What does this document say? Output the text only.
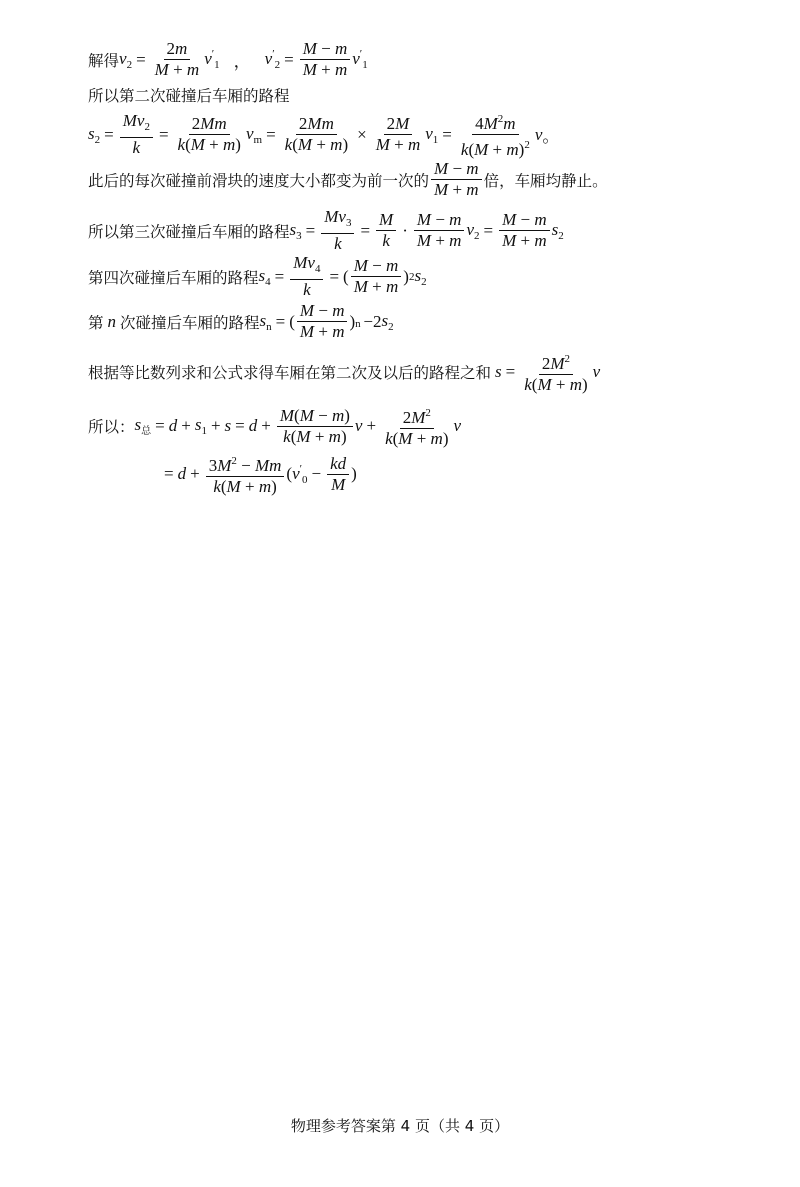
解得 $v_2 = \frac{2m}{M + m} v'_1$ ， $v'_2 = \frac{M - m}{M + m} v'_1$
所以第二次碰撞后车厢的路程
$s_2 = \frac{Mv_2}{k} = \frac{2Mm}{k(M + m)} v_m = \frac{2Mm}{k(M + m)} \times \frac{2M}{M + m} v_1 = \frac{4M^2m}{k(M + m)^2}$ v 。
此后的每次碰撞前滑块的速度大小都变为前一次的 $\frac{M - m}{M + m}$ 倍，车厢均静止。
所以第三次碰撞后车厢的路程 $s_3 = \frac{Mv_3}{k} = \frac{M}{k} \cdot \frac{M - m}{M + m} v_2 = \frac{M - m}{M + m} s_2$
第四次碰撞后车厢的路程 $s_4 = \frac{Mv_4}{k}$ = ( $\frac{M - m}{M + m}$ ) 2 $s_2$
第 n 次碰撞后车厢的路程 $s_n$ = ( $\frac{M - m}{M + m}$ ) n −2 $s_2$
根据等比数列求和公式求得车厢在第二次及以后的路程之和 $s = \frac{2M^2}{k(M + m)}$ v
所以： $s_总 = d + s_1 + s = d + \frac{M(M - m)}{k(M + m)}$ $v + \frac{2M^2}{k(M + m)}$ v
= $d + \frac{3M^2 - Mm}{k(M + m)}$ ( $v'_0 - \frac{kd}{M}$ )
物理参考答案第 4 页（共 4 页）
